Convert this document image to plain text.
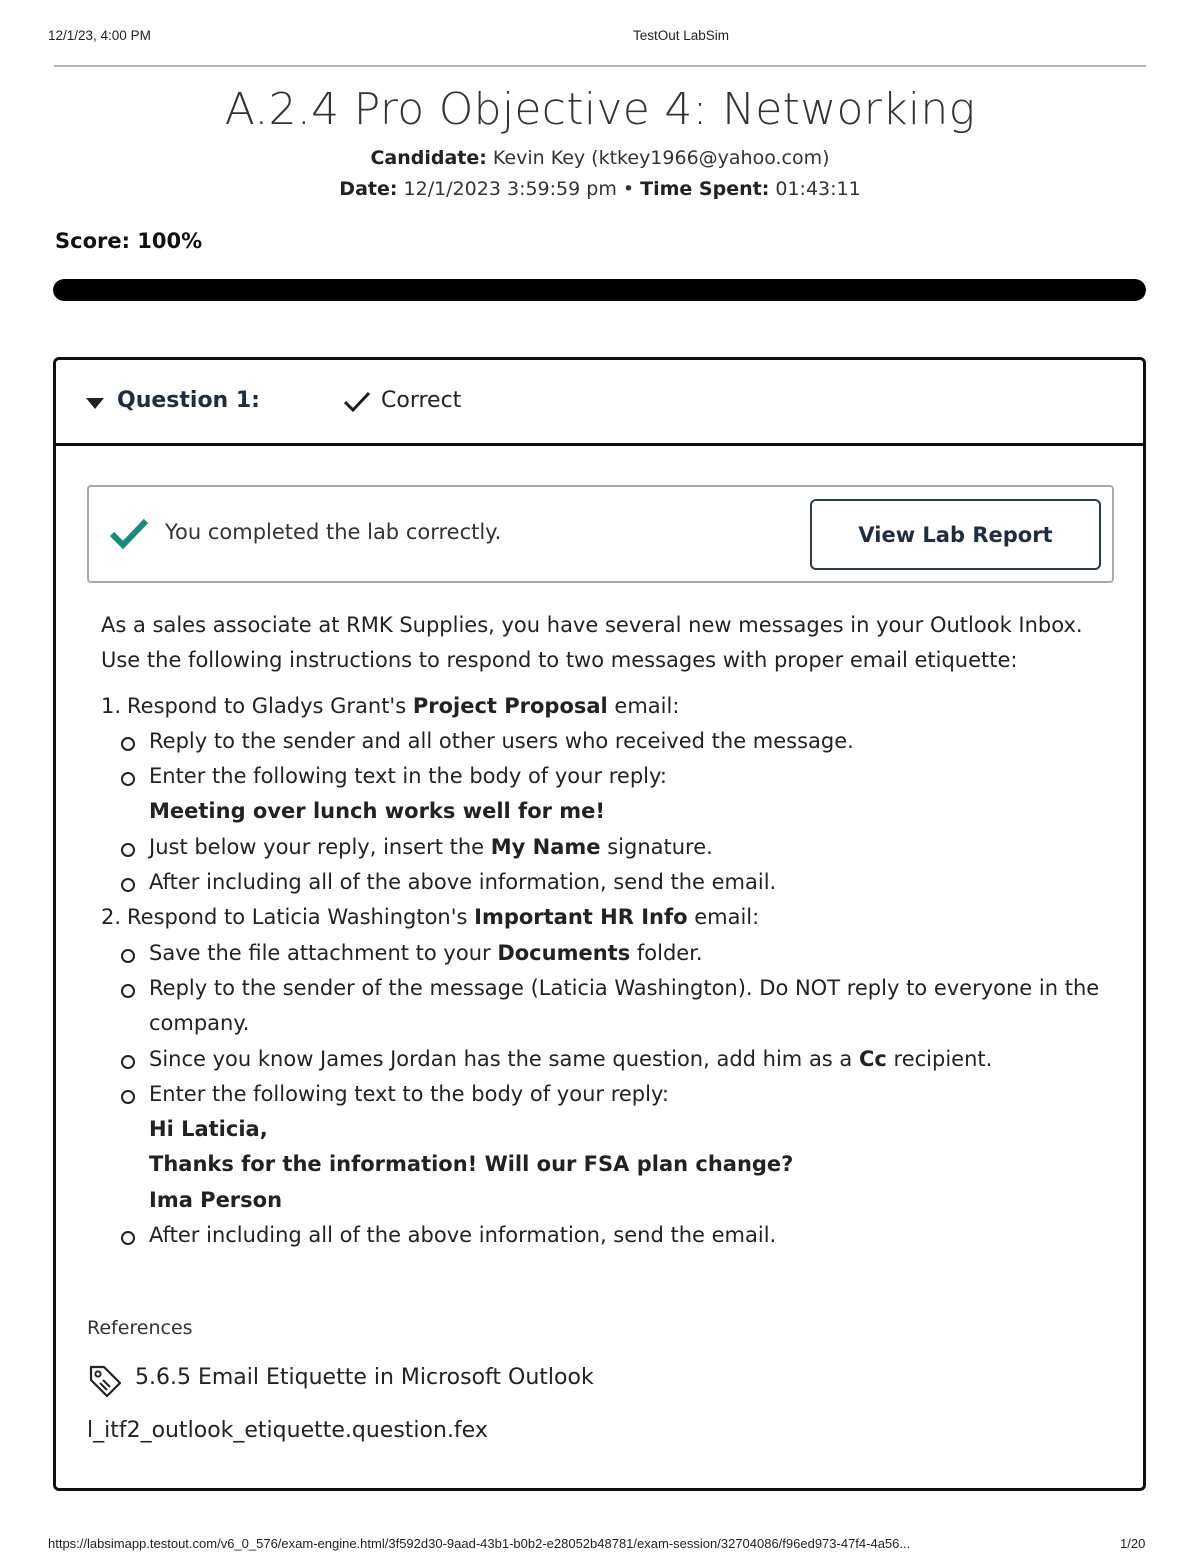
12/1/23, 4:00 PM	TestOut LabSim
A.2.4 Pro Objective 4: Networking
Candidate: Kevin Key (ktkey1966@yahoo.com)
Date: 12/1/2023 3:59:59 pm • Time Spent: 01:43:11
Score: 100%
Question 1:	Correct
You completed the lab correctly.	View Lab Report

As a sales associate at RMK Supplies, you have several new messages in your Outlook Inbox. Use the following instructions to respond to two messages with proper email etiquette:

1. Respond to Gladys Grant's Project Proposal email:
Reply to the sender and all other users who received the message.
Enter the following text in the body of your reply:
Meeting over lunch works well for me!
Just below your reply, insert the My Name signature.
After including all of the above information, send the email.
2. Respond to Laticia Washington's Important HR Info email:
Save the file attachment to your Documents folder.
Reply to the sender of the message (Laticia Washington). Do NOT reply to everyone in the company.
Since you know James Jordan has the same question, add him as a Cc recipient.
Enter the following text to the body of your reply:
Hi Laticia,
Thanks for the information! Will our FSA plan change?
Ima Person
After including all of the above information, send the email.
References
5.6.5 Email Etiquette in Microsoft Outlook
l_itf2_outlook_etiquette.question.fex
https://labsimapp.testout.com/v6_0_576/exam-engine.html/3f592d30-9aad-43b1-b0b2-e28052b48781/exam-session/32704086/f96ed973-47f4-4a56...	1/20
